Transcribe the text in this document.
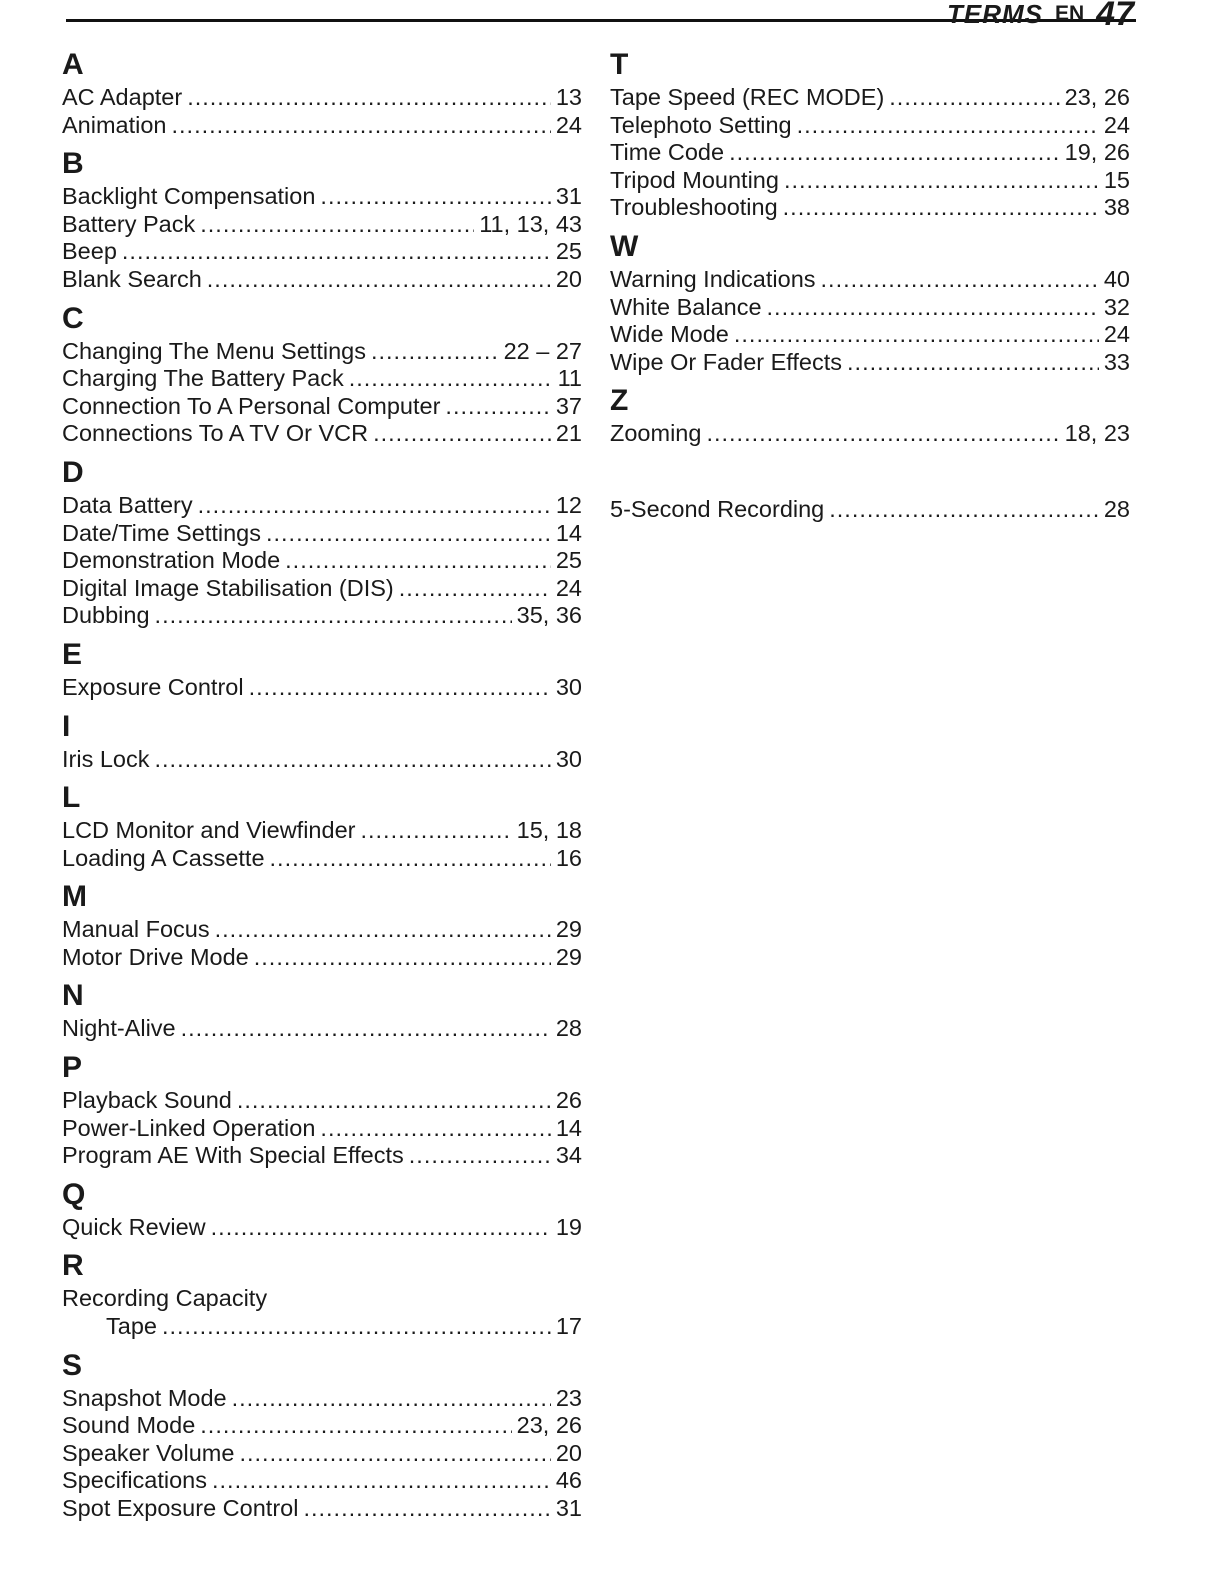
TERMS EN 47
A
AC Adapter .....	13
Animation .....	24
B
Backlight Compensation .....	31
Battery Pack .....	11, 13, 43
Beep .....	25
Blank Search .....	20
C
Changing The Menu Settings .....	22 – 27
Charging The Battery Pack .....	11
Connection To A Personal Computer .....	37
Connections To A TV Or VCR .....	21
D
Data Battery .....	12
Date/Time Settings .....	14
Demonstration Mode .....	25
Digital Image Stabilisation (DIS) .....	24
Dubbing .....	35, 36
E
Exposure Control .....	30
I
Iris Lock .....	30
L
LCD Monitor and Viewfinder .....	15, 18
Loading A Cassette .....	16
M
Manual Focus .....	29
Motor Drive Mode .....	29
N
Night-Alive .....	28
P
Playback Sound .....	26
Power-Linked Operation .....	14
Program AE With Special Effects .....	34
Q
Quick Review .....	19
R
Recording Capacity
Tape .....	17
S
Snapshot Mode .....	23
Sound Mode .....	23, 26
Speaker Volume .....	20
Specifications .....	46
Spot Exposure Control .....	31
T
Tape Speed (REC MODE) .....	23, 26
Telephoto Setting .....	24
Time Code .....	19, 26
Tripod Mounting .....	15
Troubleshooting .....	38
W
Warning Indications .....	40
White Balance .....	32
Wide Mode .....	24
Wipe Or Fader Effects .....	33
Z
Zooming .....	18, 23
5-Second Recording .....	28
